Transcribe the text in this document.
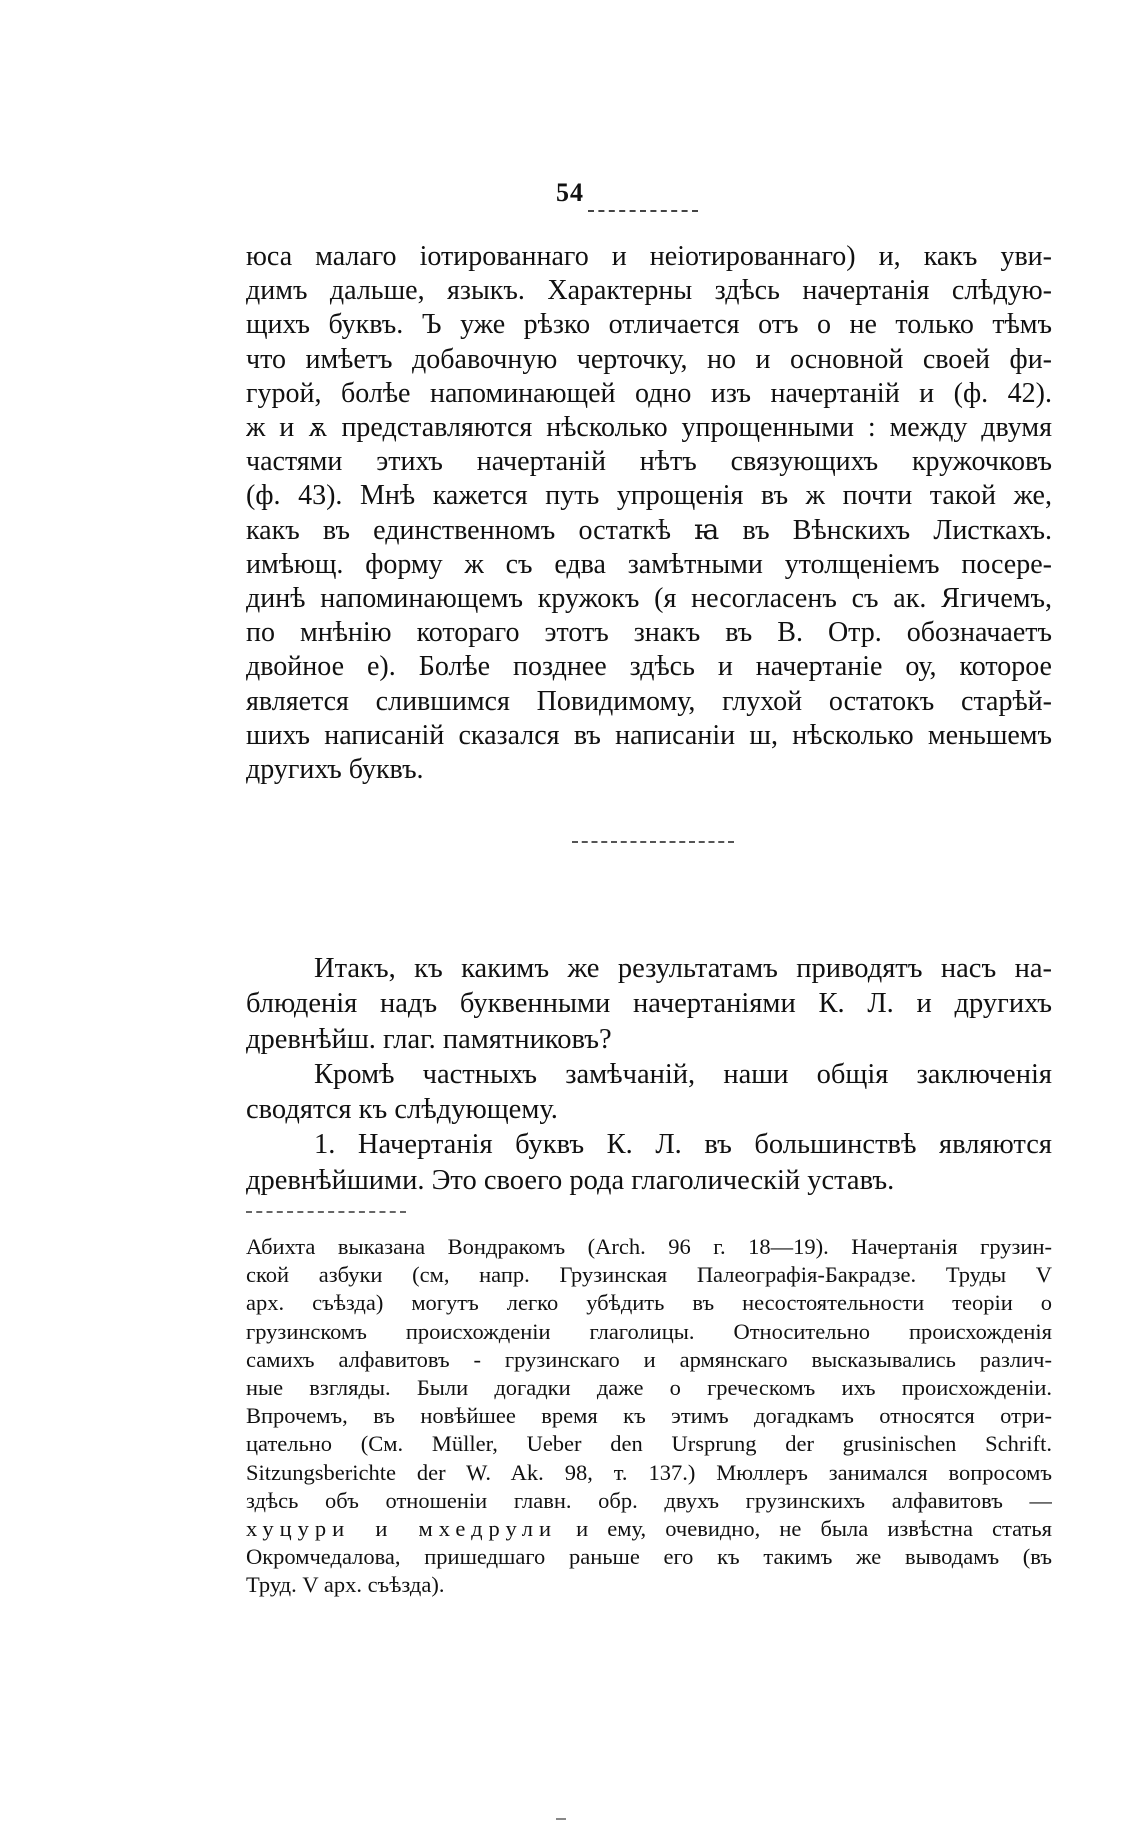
54
юса малаго іотированнаго и неіотированнаго) и, какъ уви-
димъ дальше, языкъ. Характерны здѣсь начертанія слѣдую-
щихъ буквъ. Ъ уже рѣзко отличается отъ о не только тѣмъ
что имѣетъ добавочную черточку, но и основной своей фи-
гурой, болѣе напоминающей одно изъ начертаній и (ф. 42).
ж и ѫ представляются нѣсколько упрощенными : между двумя
частями этихъ начертаній нѣтъ связующихъ кружочковъ
(ф. 43). Мнѣ кажется путь упрощенія въ ж почти такой же,
какъ въ единственномъ остаткѣ ꙗ въ Вѣнскихъ Листкахъ.
имѣющ. форму ж съ едва замѣтными утолщеніемъ посере-
динѣ напоминающемъ кружокъ (я несогласенъ съ ак. Ягичемъ,
по мнѣнію котораго этотъ знакъ въ В. Отр. обозначаетъ
двойное е). Болѣе позднее здѣсь и начертаніе оу, которое
является слившимся Повидимому, глухой остатокъ старѣй-
шихъ написаній сказался въ написаніи ш, нѣсколько меньшемъ
другихъ буквъ.
Итакъ, къ какимъ же результатамъ приводятъ насъ на-
блюденія надъ буквенными начертаніями К. Л. и другихъ
древнѣйш. глаг. памятниковъ?
Кромѣ частныхъ замѣчаній, наши общія заключенія
сводятся къ слѣдующему.
1. Начертанія буквъ К. Л. въ большинствѣ являются
древнѣйшими. Это своего рода глаголическій уставъ.
Абихта выказана Вондракомъ (Arch. 96 г. 18—19). Начертанія грузин-
ской азбуки (см, напр. Грузинская Палеографія-Бакрадзе. Труды V
арх. съѣзда) могутъ легко убѣдить въ несостоятельности теоріи о
грузинскомъ происхожденіи глаголицы. Относительно происхожденія
самихъ алфавитовъ - грузинскаго и армянскаго высказывались различ-
ные взгляды. Были догадки даже о греческомъ ихъ происхожденіи.
Впрочемъ, въ новѣйшее время къ этимъ догадкамъ относятся отри-
цательно (См. Müller, Ueber den Ursprung der grusinischen Schrift.
Sitzungsberichte der W. Ak. 98, т. 137.) Мюллеръ занимался вопросомъ
здѣсь объ отношеніи главн. обр. двухъ грузинскихъ алфавитовъ —
хуцури и мхедрули и ему, очевидно, не была извѣстна статья
Окромчедалова, пришедшаго раньше его къ такимъ же выводамъ (въ
Труд. V арх. съѣзда).
